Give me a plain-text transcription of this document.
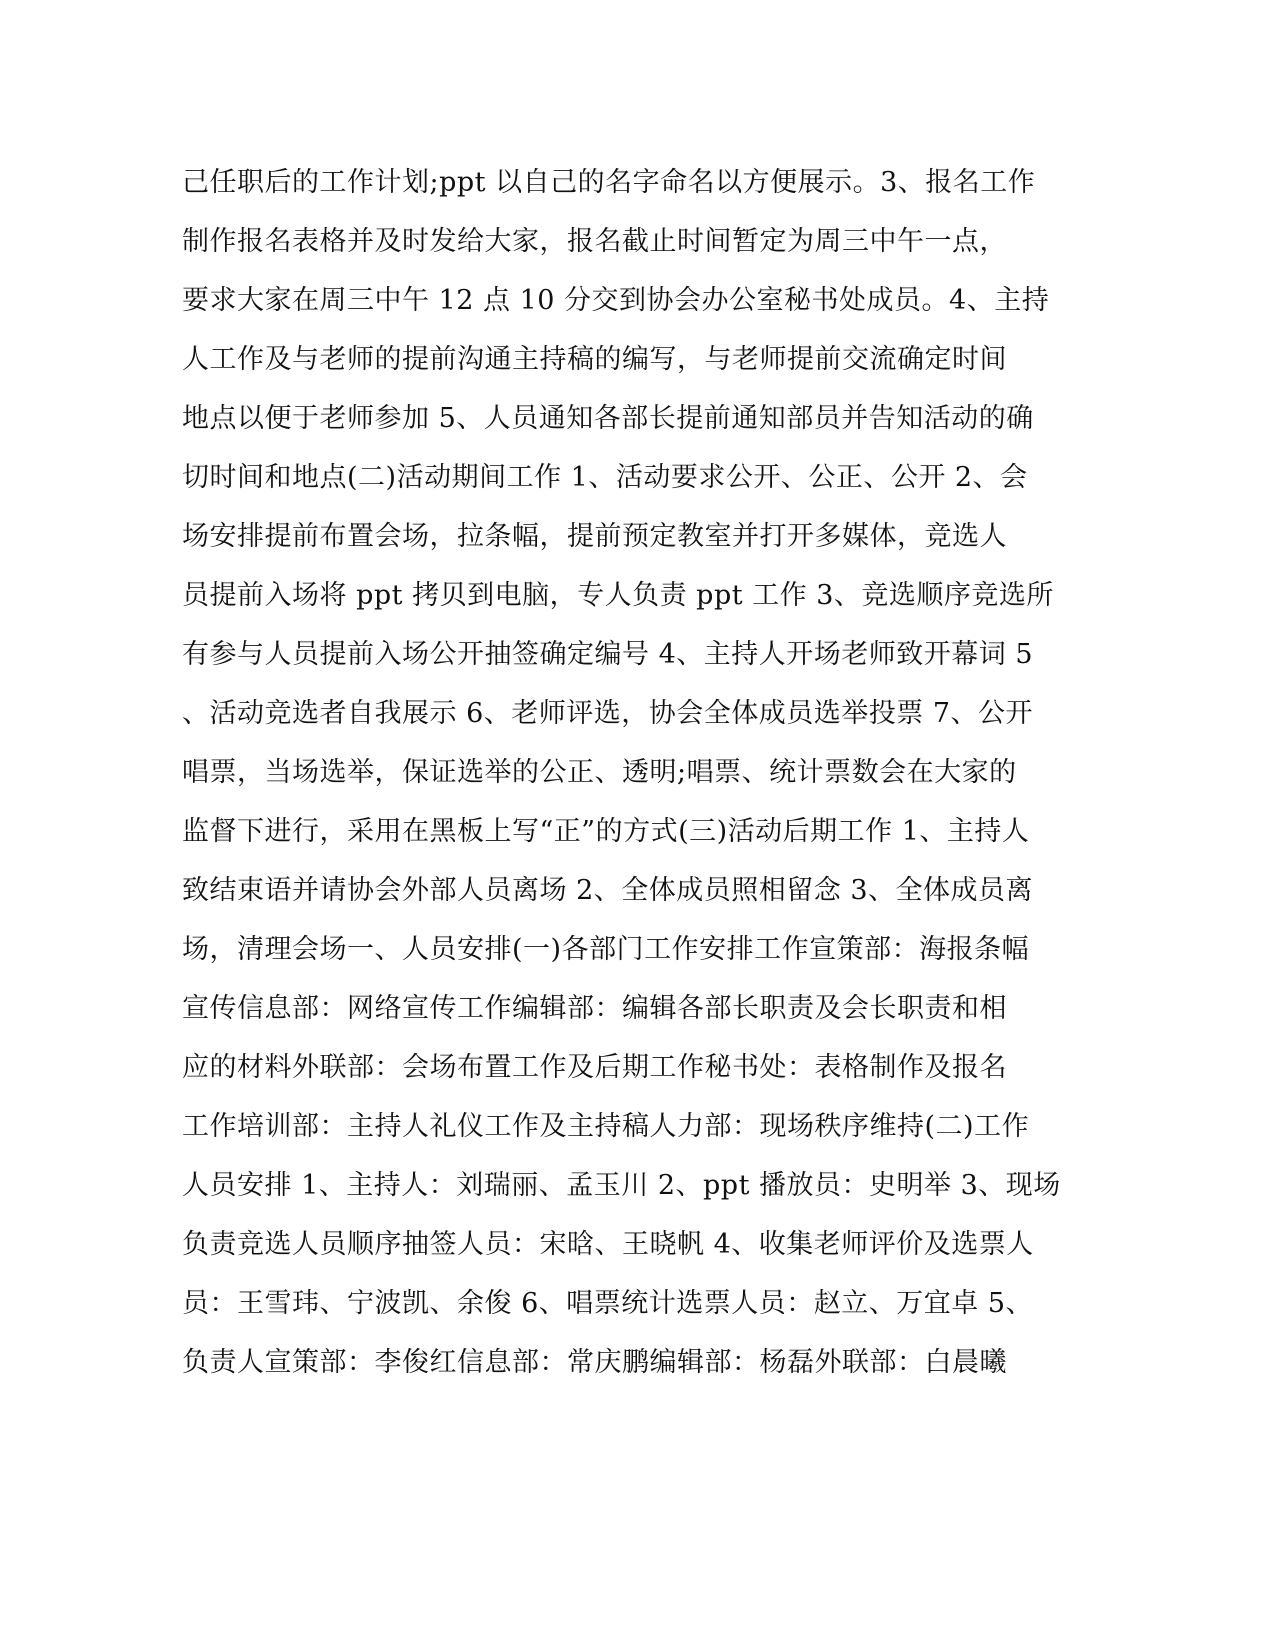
己任职后的工作计划;ppt 以自己的名字命名以方便展示。3、报名工作
制作报名表格并及时发给大家，报名截止时间暂定为周三中午一点，
要求大家在周三中午 12 点 10 分交到协会办公室秘书处成员。4、主持
人工作及与老师的提前沟通主持稿的编写，与老师提前交流确定时间
地点以便于老师参加 5、人员通知各部长提前通知部员并告知活动的确
切时间和地点(二)活动期间工作 1、活动要求公开、公正、公开 2、会
场安排提前布置会场，拉条幅，提前预定教室并打开多媒体，竞选人
员提前入场将 ppt 拷贝到电脑，专人负责 ppt 工作 3、竞选顺序竞选所
有参与人员提前入场公开抽签确定编号 4、主持人开场老师致开幕词 5
、活动竞选者自我展示 6、老师评选，协会全体成员选举投票 7、公开
唱票，当场选举，保证选举的公正、透明;唱票、统计票数会在大家的
监督下进行，采用在黑板上写“正”的方式(三)活动后期工作 1、主持人
致结束语并请协会外部人员离场 2、全体成员照相留念 3、全体成员离
场，清理会场一、人员安排(一)各部门工作安排工作宣策部：海报条幅
宣传信息部：网络宣传工作编辑部：编辑各部长职责及会长职责和相
应的材料外联部：会场布置工作及后期工作秘书处：表格制作及报名
工作培训部：主持人礼仪工作及主持稿人力部：现场秩序维持(二)工作
人员安排 1、主持人：刘瑞丽、孟玉川 2、ppt 播放员：史明举 3、现场
负责竞选人员顺序抽签人员：宋晗、王晓帆 4、收集老师评价及选票人
员：王雪玮、宁波凯、余俊 6、唱票统计选票人员：赵立、万宜卓 5、
负责人宣策部：李俊红信息部：常庆鹏编辑部：杨磊外联部：白晨曦
